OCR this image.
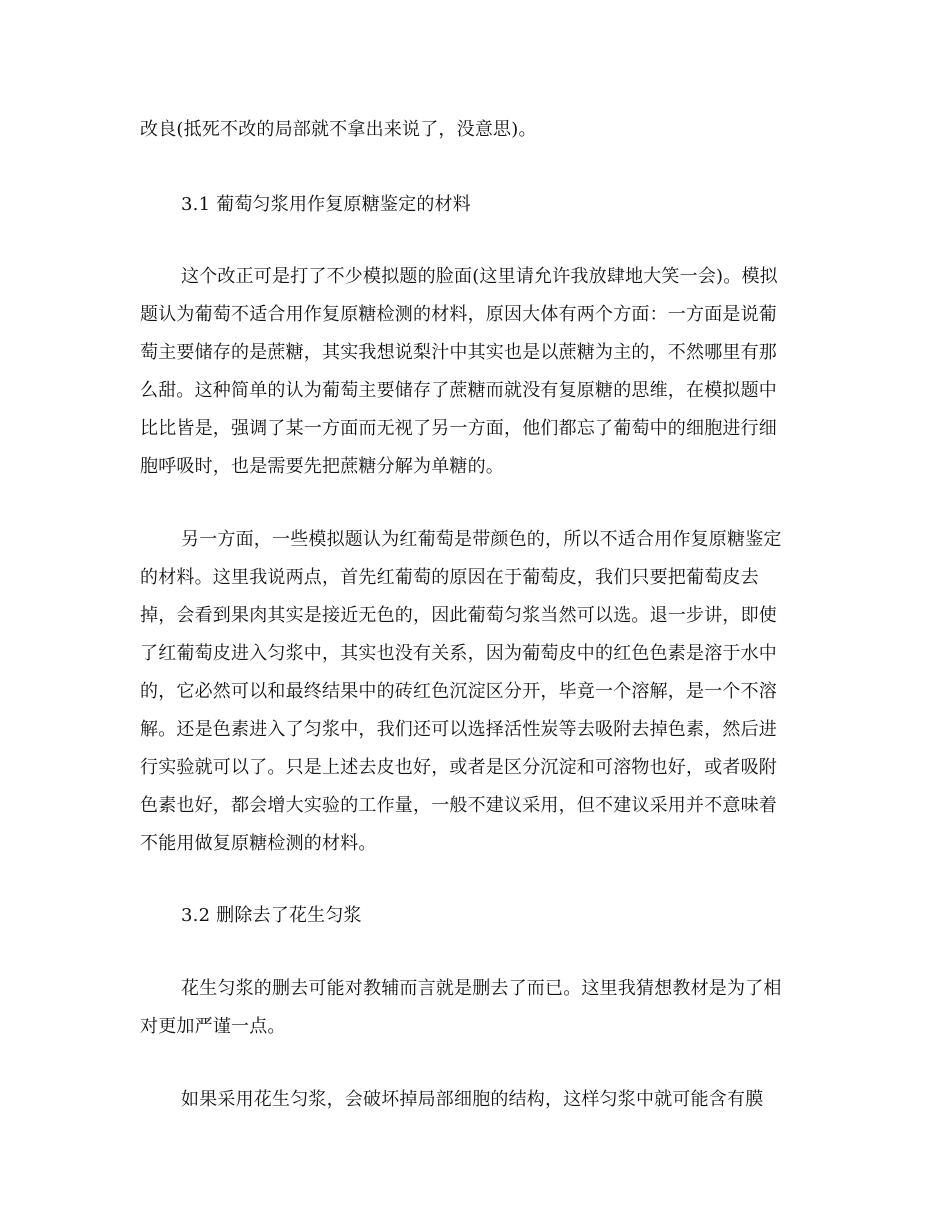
改良(抵死不改的局部就不拿出来说了，没意思)。
3.1 葡萄匀浆用作复原糖鉴定的材料
这个改正可是打了不少模拟题的脸面(这里请允许我放肆地大笑一会)。模拟
题认为葡萄不适合用作复原糖检测的材料，原因大体有两个方面：一方面是说葡
萄主要储存的是蔗糖，其实我想说梨汁中其实也是以蔗糖为主的，不然哪里有那
么甜。这种简单的认为葡萄主要储存了蔗糖而就没有复原糖的思维，在模拟题中
比比皆是，强调了某一方面而无视了另一方面，他们都忘了葡萄中的细胞进行细
胞呼吸时，也是需要先把蔗糖分解为单糖的。
另一方面，一些模拟题认为红葡萄是带颜色的，所以不适合用作复原糖鉴定
的材料。这里我说两点，首先红葡萄的原因在于葡萄皮，我们只要把葡萄皮去
掉，会看到果肉其实是接近无色的，因此葡萄匀浆当然可以选。退一步讲，即使
了红葡萄皮进入匀浆中，其实也没有关系，因为葡萄皮中的红色色素是溶于水中
的，它必然可以和最终结果中的砖红色沉淀区分开，毕竟一个溶解，是一个不溶
解。还是色素进入了匀浆中，我们还可以选择活性炭等去吸附去掉色素，然后进
行实验就可以了。只是上述去皮也好，或者是区分沉淀和可溶物也好，或者吸附
色素也好，都会增大实验的工作量，一般不建议采用，但不建议采用并不意味着
不能用做复原糖检测的材料。
3.2 删除去了花生匀浆
花生匀浆的删去可能对教辅而言就是删去了而已。这里我猜想教材是为了相
对更加严谨一点。
如果采用花生匀浆，会破坏掉局部细胞的结构，这样匀浆中就可能含有膜
